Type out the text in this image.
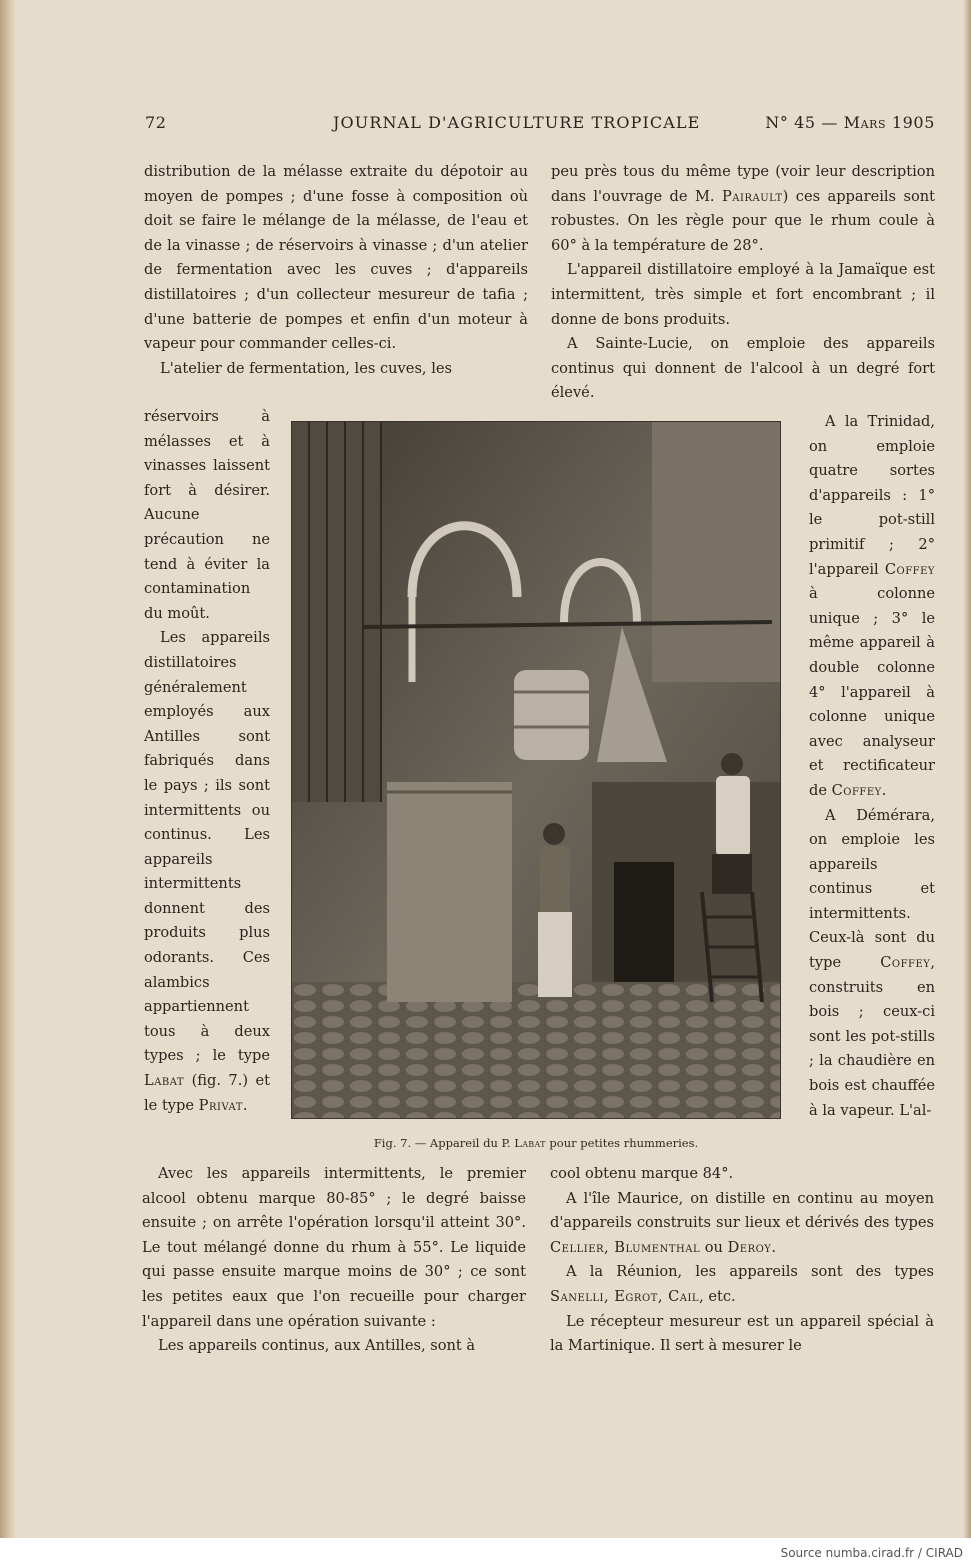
72	JOURNAL D'AGRICULTURE TROPICALE	N° 45 — Mars 1905

distribution de la mélasse extraite du dépotoir au moyen de pompes ; d'une fosse à composition où doit se faire le mélange de la mélasse, de l'eau et de la vinasse ; de réservoirs à vinasse ; d'un atelier de fermentation avec les cuves ; d'appareils distillatoires ; d'un collecteur mesureur de tafia ; d'une batterie de pompes et enfin d'un moteur à vapeur pour commander celles-ci.

L'atelier de fermentation, les cuves, les

peu près tous du même type (voir leur description dans l'ouvrage de M. Pairault) ces appareils sont robustes. On les règle pour que le rhum coule à 60° à la température de 28°.

L'appareil distillatoire employé à la Jamaïque est intermittent, très simple et fort encombrant ; il donne de bons produits.

A Sainte-Lucie, on emploie des appareils continus qui donnent de l'alcool à un degré fort élevé.

réservoirs à mélasses et à vinasses laissent fort à désirer. Aucune précaution ne tend à éviter la contamination du moût.

Les appareils distillatoires généralement employés aux Antilles sont fabriqués dans le pays ; ils sont intermittents ou continus. Les appareils intermittents donnent des produits plus odorants. Ces alambics appartiennent tous à deux types ; le type Labat (fig. 7.) et le type Privat.

A la Trinidad, on emploie quatre sortes d'appareils : 1° le pot-still primitif ; 2° l'appareil Coffey à colonne unique ; 3° le même appareil à double colonne 4° l'appareil à colonne unique avec analyseur et rectificateur de Coffey.

A Démérara, on emploie les appareils continus et intermittents.

Ceux-là sont du type	Coffey, construits en bois ; ceux-ci sont les pot-stills ; la chaudière en bois est chauffée à la vapeur. L'al-

Fig. 7. — Appareil du P. Labat pour petites rhummeries.

Avec les appareils intermittents, le premier alcool obtenu marque 80-85° ; le degré baisse ensuite ; on arrête l'opération lorsqu'il atteint 30°. Le tout mélangé donne du rhum à 55°. Le liquide qui passe ensuite marque moins de 30° ; ce sont les petites eaux que l'on recueille pour charger l'appareil dans une opération suivante :

Les appareils continus, aux Antilles, sont à

cool obtenu marque 84°.

A l'île Maurice, on distille en continu au moyen d'appareils construits sur lieux et dérivés des types Cellier, Blumenthal ou Deroy.

A la Réunion, les appareils sont des types Sanelli, Egrot, Cail, etc.

Le récepteur mesureur est un appareil spécial à la Martinique. Il sert à mesurer le

Source numba.cirad.fr / CIRAD
